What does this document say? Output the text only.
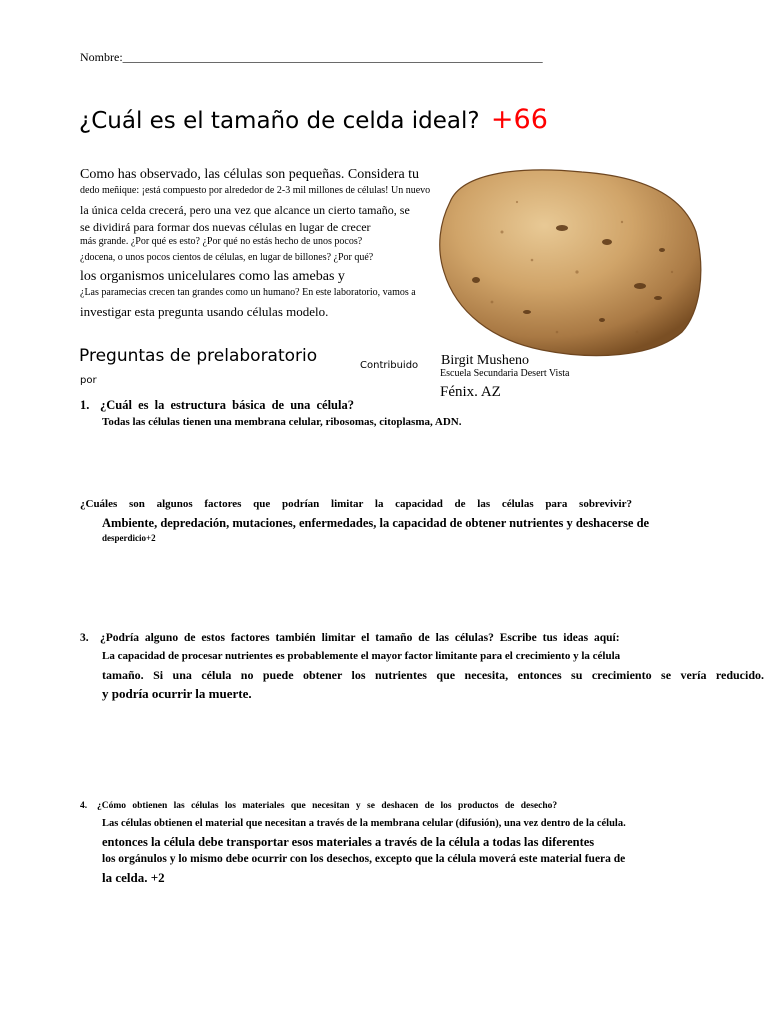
Nombre:______________________________________________________________________
¿Cuál es el tamaño de celda ideal? +66
Como has observado, las células son pequeñas. Considera tu
dedo meñique: ¡está compuesto por alrededor de 2-3 mil millones de células! Un nuevo
la única celda crecerá, pero una vez que alcance un cierto tamaño, se
se dividirá para formar dos nuevas células en lugar de crecer
más grande. ¿Por qué es esto? ¿Por qué no estás hecho de unos pocos?
¿docena, o unos pocos cientos de células, en lugar de billones? ¿Por qué?
los organismos unicelulares como las amebas y
¿Las paramecias crecen tan grandes como un humano? En este laboratorio, vamos a
investigar esta pregunta usando células modelo.
Preguntas de prelaboratorio	Contribuido
por
Birgit Musheno
Escuela Secundaria Desert Vista
Fénix. AZ
1. ¿Cuál es la estructura básica de una célula?
Todas las células tienen una membrana celular, ribosomas, citoplasma, ADN.
¿Cuáles son algunos factores que podrían limitar la capacidad de las células para sobrevivir?
Ambiente, depredación, mutaciones, enfermedades, la capacidad de obtener nutrientes y deshacerse de
desperdicio+2
3. ¿Podría alguno de estos factores también limitar el tamaño de las células? Escribe tus ideas aquí:
La capacidad de procesar nutrientes es probablemente el mayor factor limitante para el crecimiento y la célula
tamaño. Si una célula no puede obtener los nutrientes que necesita, entonces su crecimiento se vería reducido.
y podría ocurrir la muerte.
4. ¿Cómo obtienen las células los materiales que necesitan y se deshacen de los productos de desecho?
Las células obtienen el material que necesitan a través de la membrana celular (difusión), una vez dentro de la célula.
entonces la célula debe transportar esos materiales a través de la célula a todas las diferentes
los orgánulos y lo mismo debe ocurrir con los desechos, excepto que la célula moverá este material fuera de
la celda. +2
